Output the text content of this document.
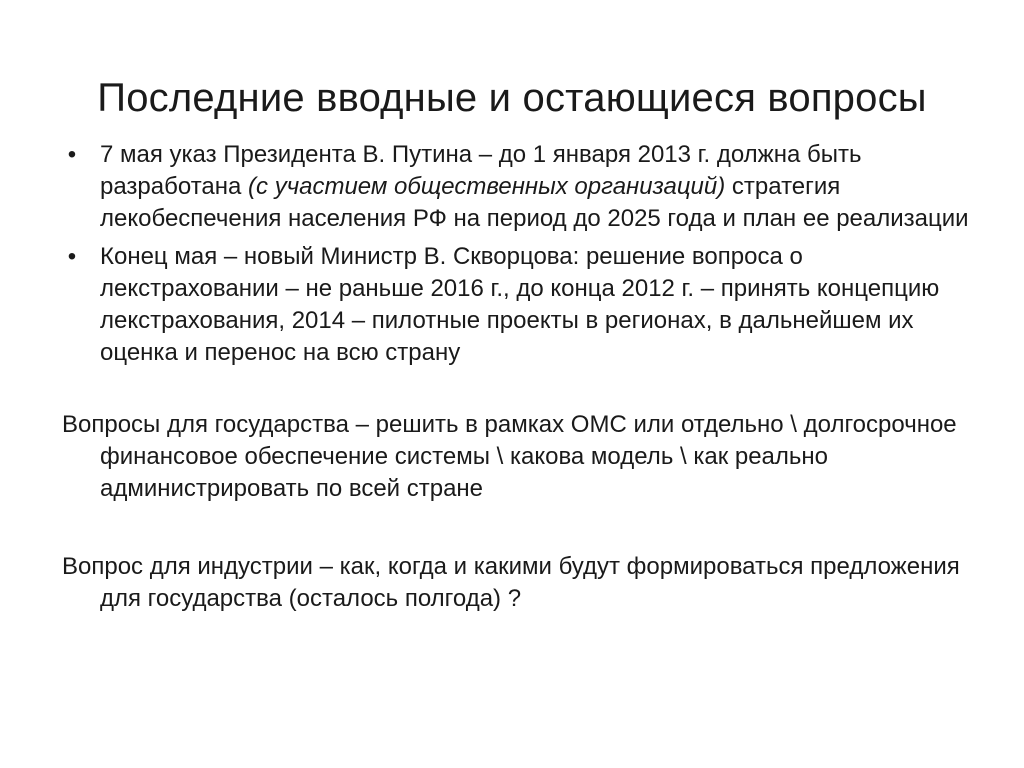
Последние вводные и остающиеся вопросы
• 7 мая указ Президента В. Путина – до 1 января 2013 г. должна быть разработана (с участием общественных организаций) стратегия лекобеспечения населения РФ на период до 2025 года и план ее реализации
• Конец мая – новый Министр В. Скворцова: решение вопроса о лекстраховании – не раньше 2016 г., до конца 2012 г. – принять концепцию лекстрахования, 2014 – пилотные проекты в регионах, в дальнейшем их оценка и перенос на всю страну

Вопросы для государства – решить в рамках ОМС или отдельно \ долгосрочное финансовое обеспечение системы \ какова модель \ как реально администрировать по всей стране

Вопрос для индустрии – как, когда и какими будут формироваться предложения для государства (осталось полгода) ?
